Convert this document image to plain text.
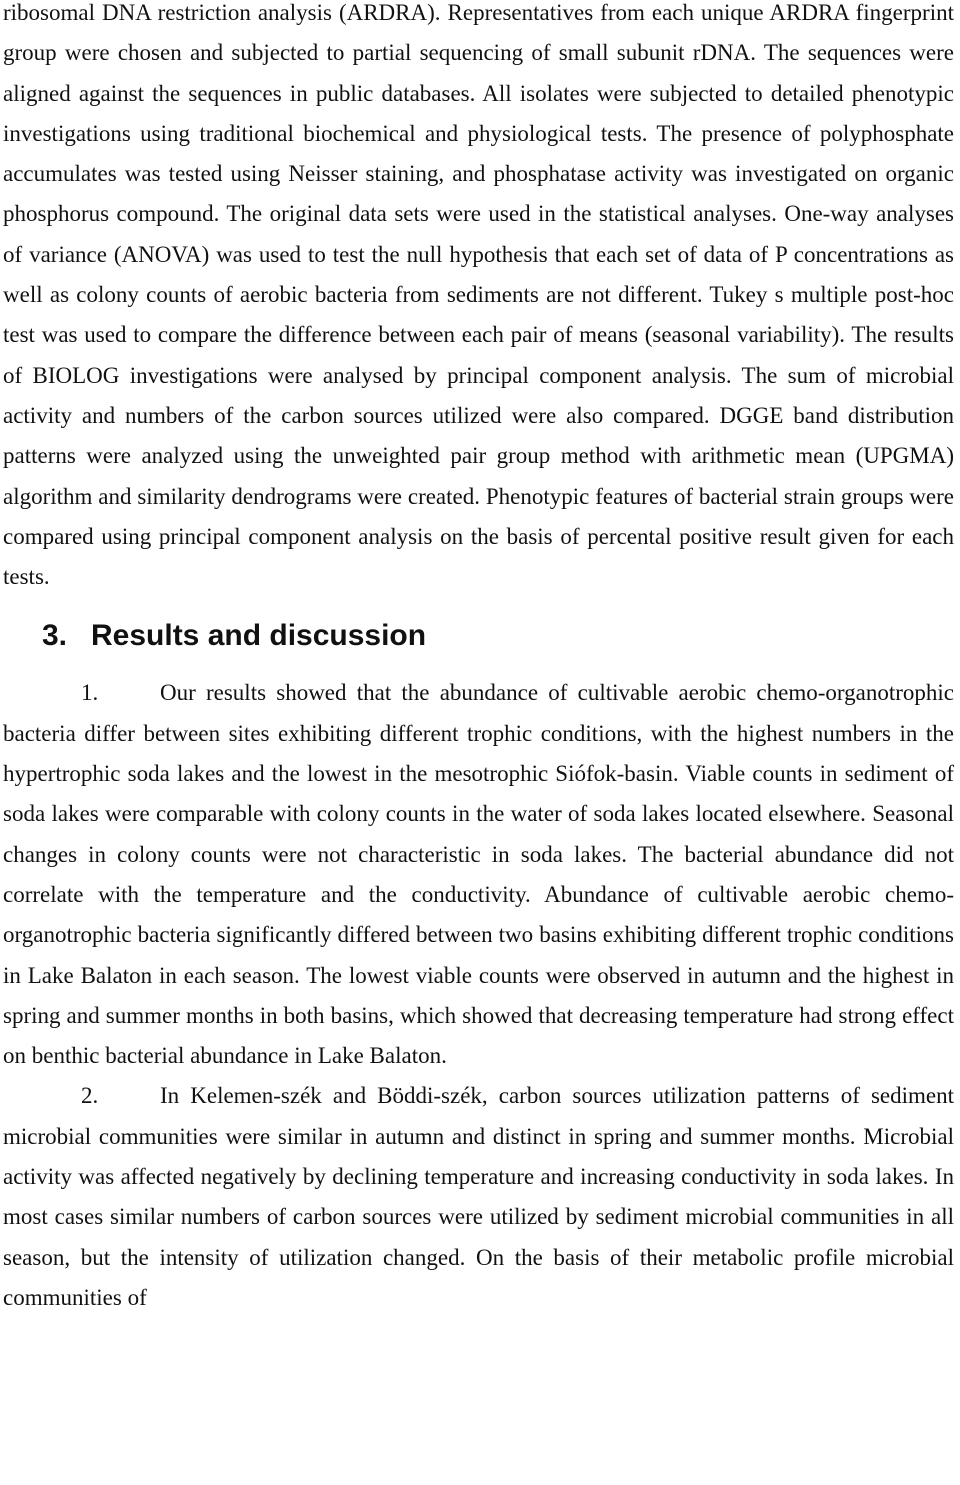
ribosomal DNA restriction analysis (ARDRA). Representatives from each unique ARDRA fingerprint group were chosen and subjected to partial sequencing of small subunit rDNA. The sequences were aligned against the sequences in public databases. All isolates were subjected to detailed phenotypic investigations using traditional biochemical and physiological tests. The presence of polyphosphate accumulates was tested using Neisser staining, and phosphatase activity was investigated on organic phosphorus compound. The original data sets were used in the statistical analyses. One-way analyses of variance (ANOVA) was used to test the null hypothesis that each set of data of P concentrations as well as colony counts of aerobic bacteria from sediments are not different. Tukey s multiple post-hoc test was used to compare the difference between each pair of means (seasonal variability). The results of BIOLOG investigations were analysed by principal component analysis. The sum of microbial activity and numbers of the carbon sources utilized were also compared. DGGE band distribution patterns were analyzed using the unweighted pair group method with arithmetic mean (UPGMA) algorithm and similarity dendrograms were created. Phenotypic features of bacterial strain groups were compared using principal component analysis on the basis of percental positive result given for each tests.

3. Results and discussion

1.	Our results showed that the abundance of cultivable aerobic chemo-organotrophic bacteria differ between sites exhibiting different trophic conditions, with the highest numbers in the hypertrophic soda lakes and the lowest in the mesotrophic Siófok-basin. Viable counts in sediment of soda lakes were comparable with colony counts in the water of soda lakes located elsewhere. Seasonal changes in colony counts were not characteristic in soda lakes. The bacterial abundance did not correlate with the temperature and the conductivity. Abundance of cultivable aerobic chemo-organotrophic bacteria significantly differed between two basins exhibiting different trophic conditions in Lake Balaton in each season. The lowest viable counts were observed in autumn and the highest in spring and summer months in both basins, which showed that decreasing temperature had strong effect on benthic bacterial abundance in Lake Balaton.

2.	In Kelemen-szék and Böddi-szék, carbon sources utilization patterns of sediment microbial communities were similar in autumn and distinct in spring and summer months. Microbial activity was affected negatively by declining temperature and increasing conductivity in soda lakes. In most cases similar numbers of carbon sources were utilized by sediment microbial communities in all season, but the intensity of utilization changed. On the basis of their metabolic profile microbial communities of
